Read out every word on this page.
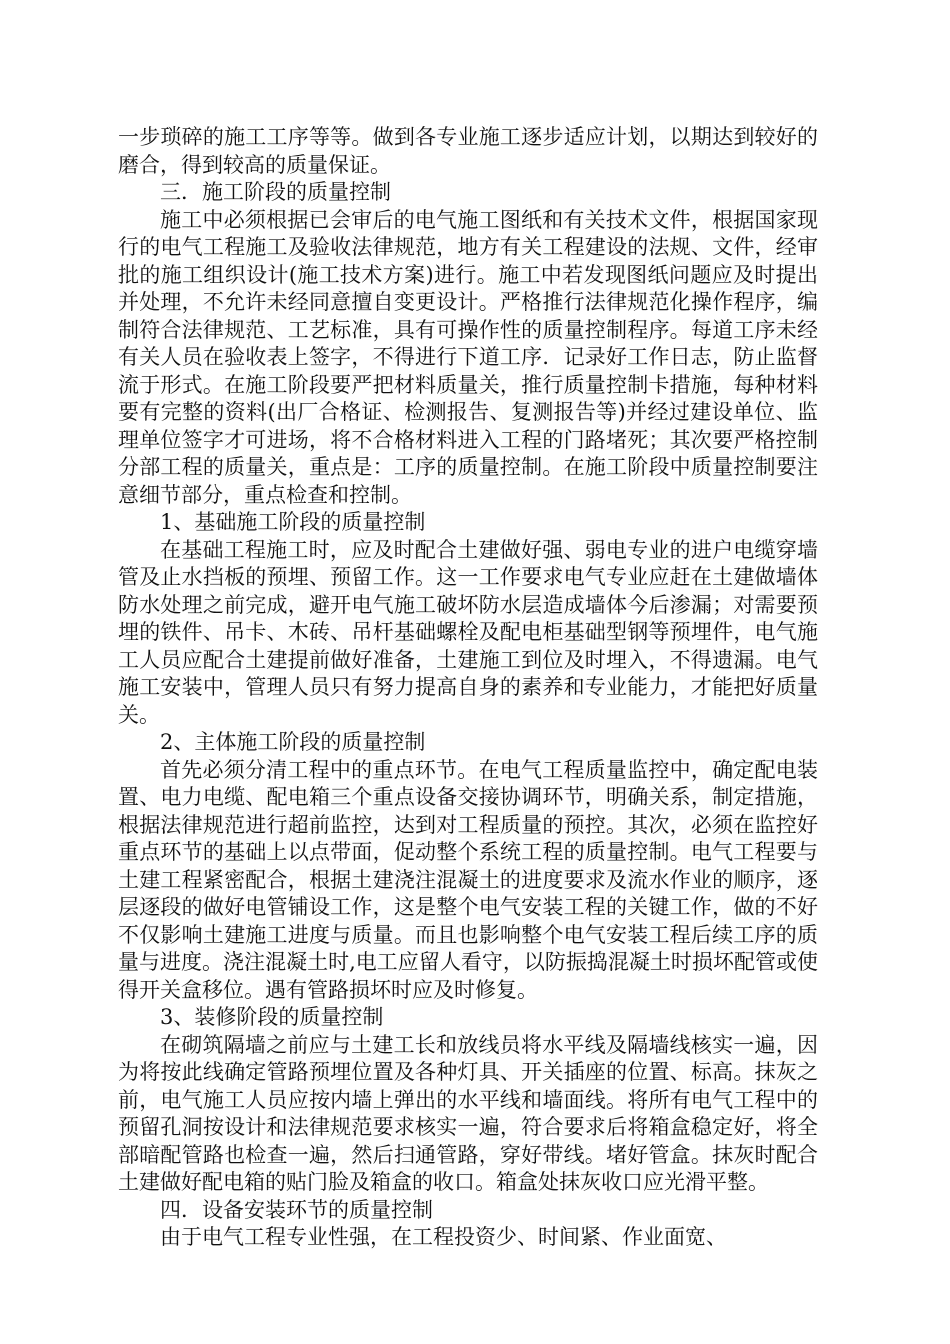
一步琐碎的施工工序等等。做到各专业施工逐步适应计划，以期达到较好的磨合，得到较高的质量保证。

三．施工阶段的质量控制

施工中必须根据已会审后的电气施工图纸和有关技术文件，根据国家现行的电气工程施工及验收法律规范，地方有关工程建设的法规、文件，经审批的施工组织设计(施工技术方案)进行。施工中若发现图纸问题应及时提出并处理，不允许未经同意擅自变更设计。严格推行法律规范化操作程序，编制符合法律规范、工艺标准，具有可操作性的质量控制程序。每道工序未经有关人员在验收表上签字，不得进行下道工序．记录好工作日志，防止监督流于形式。在施工阶段要严把材料质量关，推行质量控制卡措施，每种材料要有完整的资料(出厂合格证、检测报告、复测报告等)并经过建设单位、监理单位签字才可进场，将不合格材料进入工程的门路堵死；其次要严格控制分部工程的质量关，重点是：工序的质量控制。在施工阶段中质量控制要注意细节部分，重点检查和控制。

1、基础施工阶段的质量控制

在基础工程施工时，应及时配合土建做好强、弱电专业的进户电缆穿墙管及止水挡板的预埋、预留工作。这一工作要求电气专业应赶在土建做墙体防水处理之前完成，避开电气施工破坏防水层造成墙体今后渗漏；对需要预埋的铁件、吊卡、木砖、吊杆基础螺栓及配电柜基础型钢等预埋件，电气施工人员应配合土建提前做好准备，土建施工到位及时埋入，不得遗漏。电气施工安装中，管理人员只有努力提高自身的素养和专业能力，才能把好质量关。

2、主体施工阶段的质量控制

首先必须分清工程中的重点环节。在电气工程质量监控中，确定配电装置、电力电缆、配电箱三个重点设备交接协调环节，明确关系，制定措施，根据法律规范进行超前监控，达到对工程质量的预控。其次，必须在监控好重点环节的基础上以点带面，促动整个系统工程的质量控制。电气工程要与土建工程紧密配合，根据土建浇注混凝土的进度要求及流水作业的顺序，逐层逐段的做好电管铺设工作，这是整个电气安装工程的关键工作，做的不好不仅影响土建施工进度与质量。而且也影响整个电气安装工程后续工序的质量与进度。浇注混凝土时,电工应留人看守，以防振捣混凝土时损坏配管或使得开关盒移位。遇有管路损坏时应及时修复。

3、装修阶段的质量控制

在砌筑隔墙之前应与土建工长和放线员将水平线及隔墙线核实一遍，因为将按此线确定管路预埋位置及各种灯具、开关插座的位置、标高。抹灰之前，电气施工人员应按内墙上弹出的水平线和墙面线。将所有电气工程中的预留孔洞按设计和法律规范要求核实一遍，符合要求后将箱盒稳定好，将全部暗配管路也检查一遍，然后扫通管路，穿好带线。堵好管盒。抹灰时配合土建做好配电箱的贴门脸及箱盒的收口。箱盒处抹灰收口应光滑平整。

四．设备安装环节的质量控制

由于电气工程专业性强，在工程投资少、时间紧、作业面宽、
